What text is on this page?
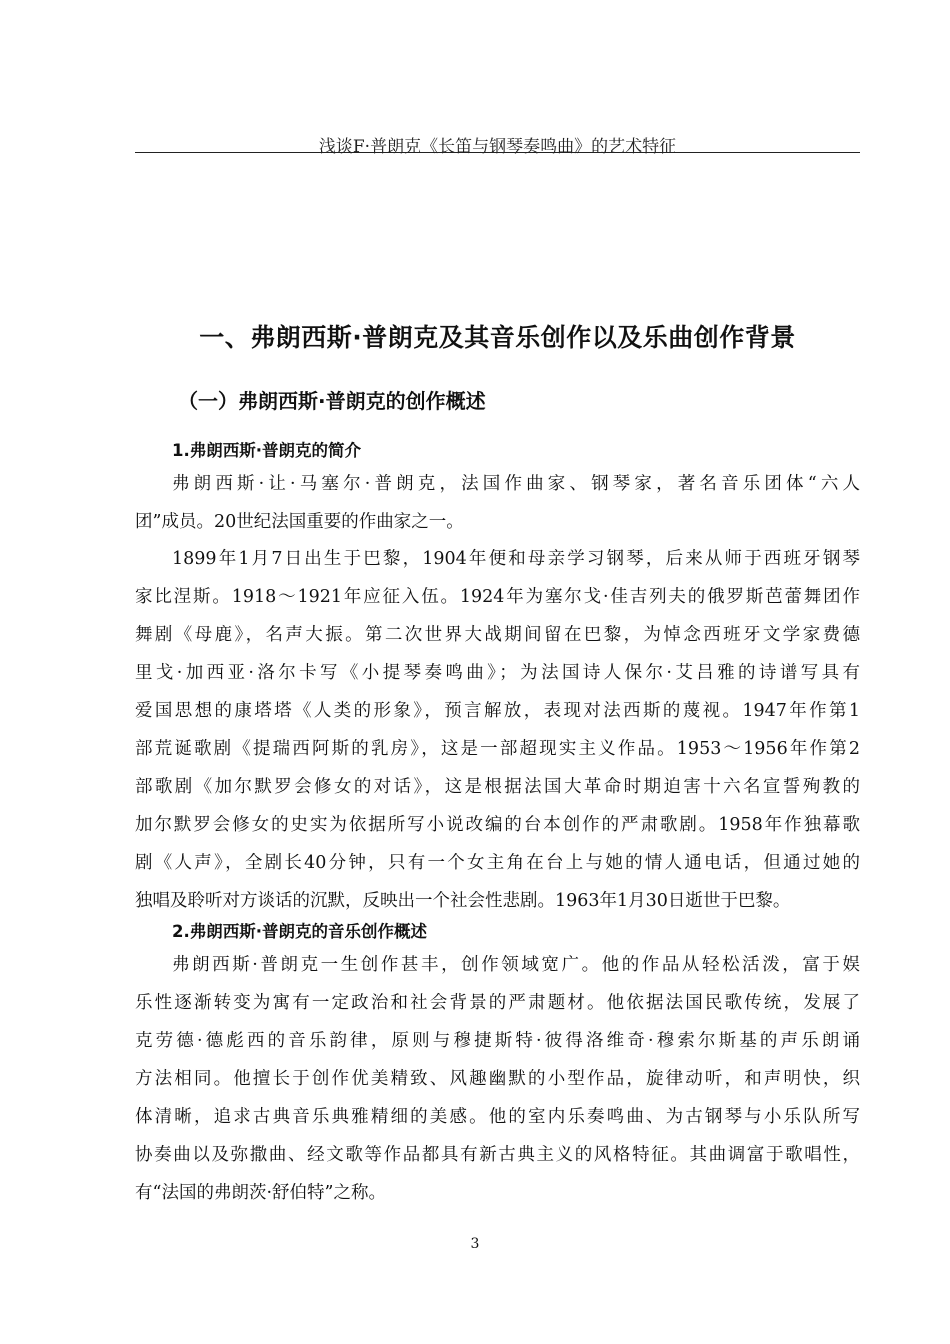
浅谈F·普朗克《长笛与钢琴奏鸣曲》的艺术特征
一、弗朗西斯·普朗克及其音乐创作以及乐曲创作背景
（一）弗朗西斯·普朗克的创作概述
1.弗朗西斯·普朗克的简介
弗朗西斯·让·马塞尔·普朗克，法国作曲家、钢琴家，著名音乐团体“六人
团”成员。20世纪法国重要的作曲家之一。
1899年1月7日出生于巴黎，1904年便和母亲学习钢琴，后来从师于西班牙钢琴
家比涅斯。1918～1921年应征入伍。1924年为塞尔戈·佳吉列夫的俄罗斯芭蕾舞团作
舞剧《母鹿》，名声大振。第二次世界大战期间留在巴黎，为悼念西班牙文学家费德
里戈·加西亚·洛尔卡写《小提琴奏鸣曲》；为法国诗人保尔·艾吕雅的诗谱写具有
爱国思想的康塔塔《人类的形象》，预言解放，表现对法西斯的蔑视。1947年作第1
部荒诞歌剧《提瑞西阿斯的乳房》，这是一部超现实主义作品。1953～1956年作第2
部歌剧《加尔默罗会修女的对话》，这是根据法国大革命时期迫害十六名宣誓殉教的
加尔默罗会修女的史实为依据所写小说改编的台本创作的严肃歌剧。1958年作独幕歌
剧《人声》，全剧长40分钟，只有一个女主角在台上与她的情人通电话，但通过她的
独唱及聆听对方谈话的沉默，反映出一个社会性悲剧。1963年1月30日逝世于巴黎。
2.弗朗西斯·普朗克的音乐创作概述
弗朗西斯·普朗克一生创作甚丰，创作领域宽广。他的作品从轻松活泼，富于娱
乐性逐渐转变为寓有一定政治和社会背景的严肃题材。他依据法国民歌传统，发展了
克劳德·德彪西的音乐韵律，原则与穆捷斯特·彼得洛维奇·穆索尔斯基的声乐朗诵
方法相同。他擅长于创作优美精致、风趣幽默的小型作品，旋律动听，和声明快，织
体清晰，追求古典音乐典雅精细的美感。他的室内乐奏鸣曲、为古钢琴与小乐队所写
协奏曲以及弥撒曲、经文歌等作品都具有新古典主义的风格特征。其曲调富于歌唱性，
有“法国的弗朗茨·舒伯特”之称。
3
